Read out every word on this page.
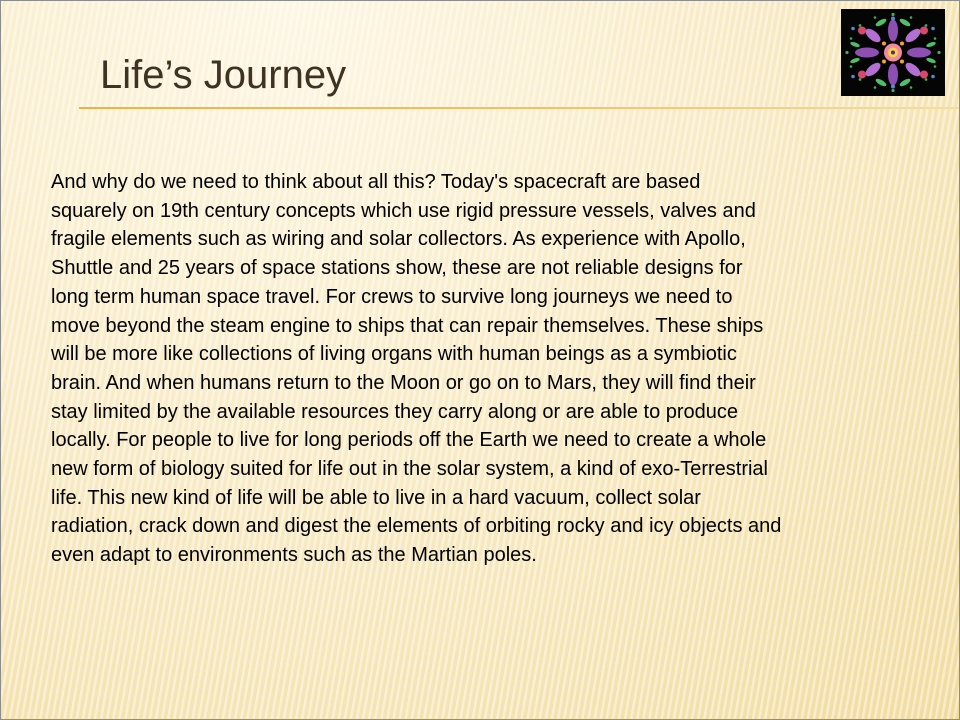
Life’s Journey
And why do we need to think about all this? Today's spacecraft are based
squarely on 19th century concepts which use rigid pressure vessels, valves and
fragile elements such as wiring and solar collectors. As experience with Apollo,
Shuttle and 25 years of space stations show, these are not reliable designs for
long term human space travel. For crews to survive long journeys we need to
move beyond the steam engine to ships that can repair themselves. These ships
will be more like collections of living organs with human beings as a symbiotic
brain. And when humans return to the Moon or go on to Mars, they will find their
stay limited by the available resources they carry along or are able to produce
locally. For people to live for long periods off the Earth we need to create a whole
new form of biology suited for life out in the solar system, a kind of exo-Terrestrial
life. This new kind of life will be able to live in a hard vacuum, collect solar
radiation, crack down and digest the elements of orbiting rocky and icy objects and
even adapt to environments such as the Martian poles.
